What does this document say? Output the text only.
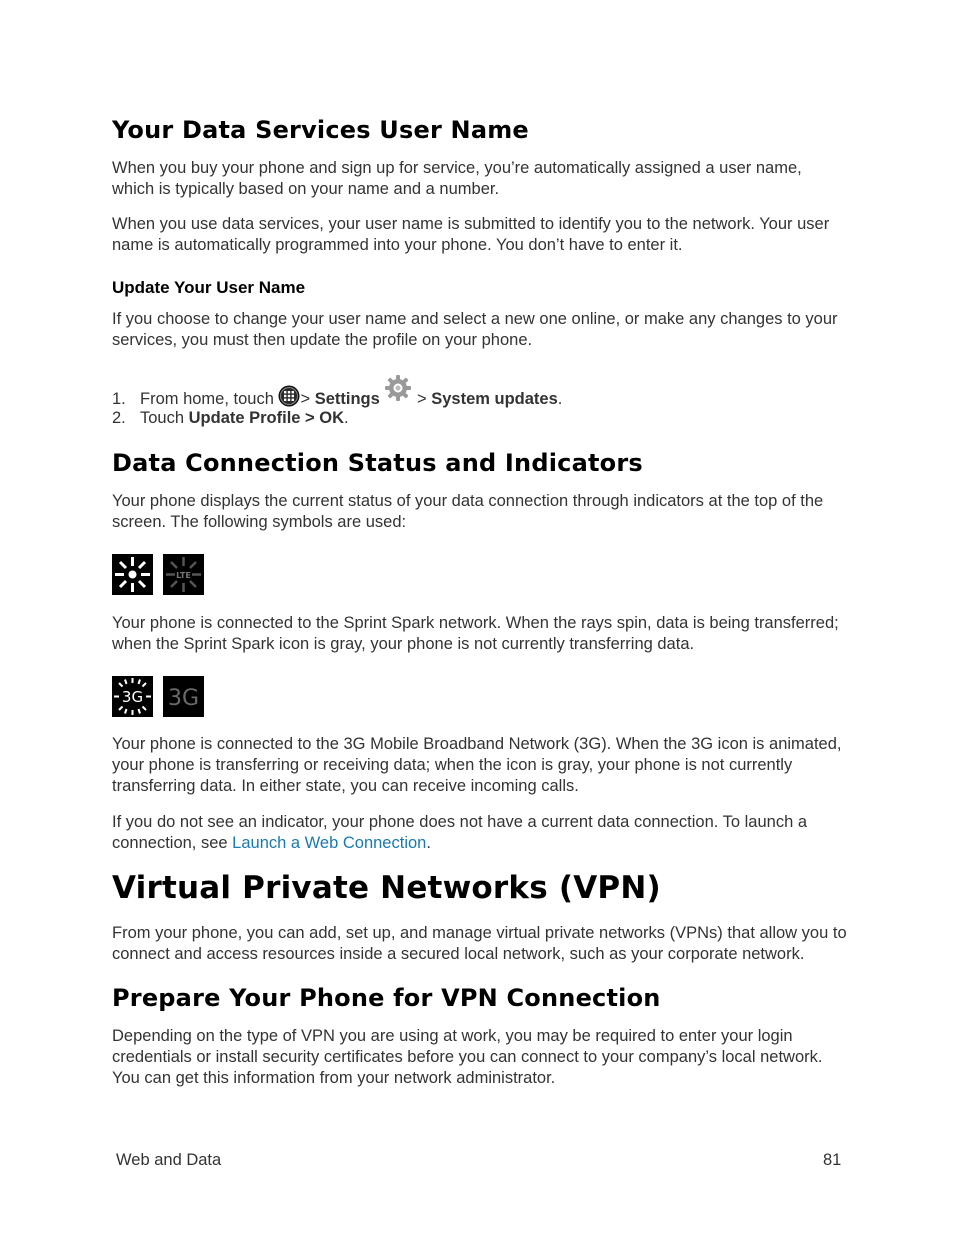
Your Data Services User Name

When you buy your phone and sign up for service, you’re automatically assigned a user name, which is typically based on your name and a number.

When you use data services, your user name is submitted to identify you to the network. Your user name is automatically programmed into your phone. You don’t have to enter it.

Update Your User Name

If you choose to change your user name and select a new one online, or make any changes to your services, you must then update the profile on your phone.

1. From home, touch > Settings > System updates.
2. Touch Update Profile > OK.
Data Connection Status and Indicators

Your phone displays the current status of your data connection through indicators at the top of the screen. The following symbols are used:

LTE

Your phone is connected to the Sprint Spark network. When the rays spin, data is being transferred; when the Sprint Spark icon is gray, your phone is not currently transferring data.

3G 3G

Your phone is connected to the 3G Mobile Broadband Network (3G). When the 3G icon is animated, your phone is transferring or receiving data; when the icon is gray, your phone is not currently transferring data. In either state, you can receive incoming calls.

If you do not see an indicator, your phone does not have a current data connection. To launch a connection, see Launch a Web Connection.

Virtual Private Networks (VPN)

From your phone, you can add, set up, and manage virtual private networks (VPNs) that allow you to connect and access resources inside a secured local network, such as your corporate network.

Prepare Your Phone for VPN Connection

Depending on the type of VPN you are using at work, you may be required to enter your login credentials or install security certificates before you can connect to your company’s local network. You can get this information from your network administrator.

Web and Data	81
